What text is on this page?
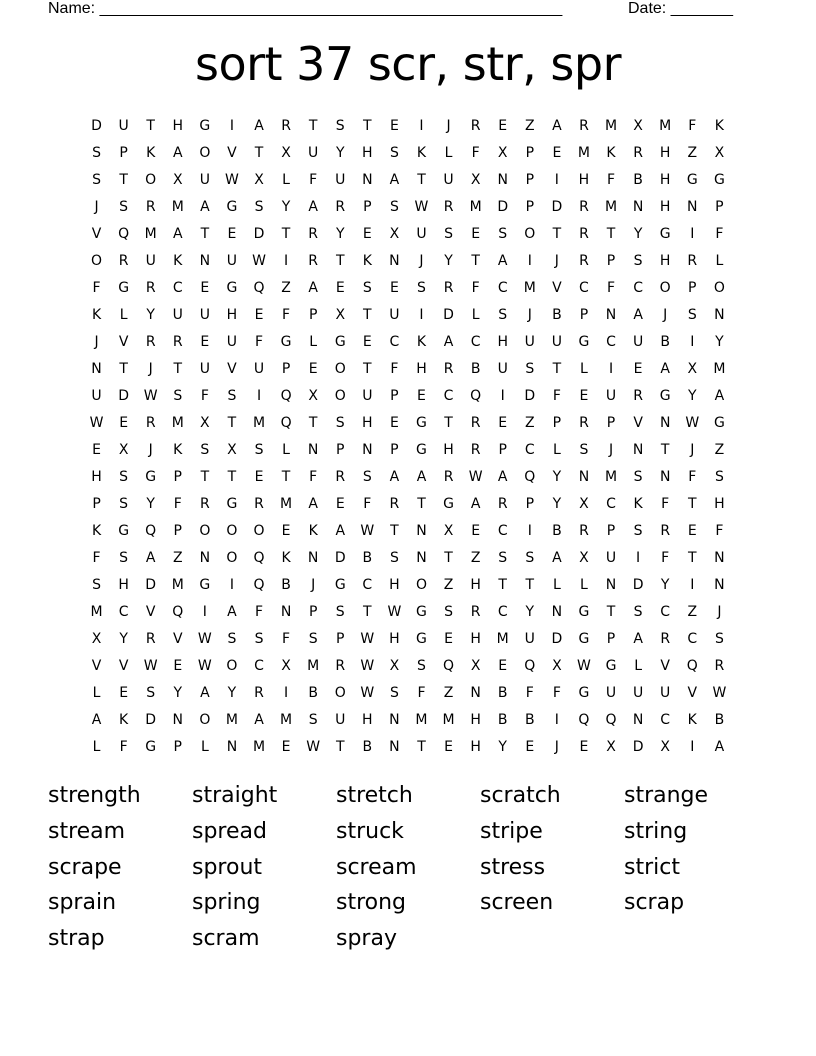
Name: ____________________________________________________	Date: _______
sort 37 scr, str, spr
D	U	T	H	G	I	A	R	T	S	T	E	I	J	R	E	Z	A	R	M	X	M	F	K
S	P	K	A	O	V	T	X	U	Y	H	S	K	L	F	X	P	E	M	K	R	H	Z	X
S	T	O	X	U	W	X	L	F	U	N	A	T	U	X	N	P	I	H	F	B	H	G	G
J	S	R	M	A	G	S	Y	A	R	P	S	W	R	M	D	P	D	R	M	N	H	N	P
V	Q	M	A	T	E	D	T	R	Y	E	X	U	S	E	S	O	T	R	T	Y	G	I	F
O	R	U	K	N	U	W	I	R	T	K	N	J	Y	T	A	I	J	R	P	S	H	R	L
F	G	R	C	E	G	Q	Z	A	E	S	E	S	R	F	C	M	V	C	F	C	O	P	O
K	L	Y	U	U	H	E	F	P	X	T	U	I	D	L	S	J	B	P	N	A	J	S	N
J	V	R	R	E	U	F	G	L	G	E	C	K	A	C	H	U	U	G	C	U	B	I	Y
N	T	J	T	U	V	U	P	E	O	T	F	H	R	B	U	S	T	L	I	E	A	X	M
U	D	W	S	F	S	I	Q	X	O	U	P	E	C	Q	I	D	F	E	U	R	G	Y	A
W	E	R	M	X	T	M	Q	T	S	H	E	G	T	R	E	Z	P	R	P	V	N	W	G
E	X	J	K	S	X	S	L	N	P	N	P	G	H	R	P	C	L	S	J	N	T	J	Z
H	S	G	P	T	T	E	T	F	R	S	A	A	R	W	A	Q	Y	N	M	S	N	F	S
P	S	Y	F	R	G	R	M	A	E	F	R	T	G	A	R	P	Y	X	C	K	F	T	H
K	G	Q	P	O	O	O	E	K	A	W	T	N	X	E	C	I	B	R	P	S	R	E	F
F	S	A	Z	N	O	Q	K	N	D	B	S	N	T	Z	S	S	A	X	U	I	F	T	N
S	H	D	M	G	I	Q	B	J	G	C	H	O	Z	H	T	T	L	L	N	D	Y	I	N
M	C	V	Q	I	A	F	N	P	S	T	W	G	S	R	C	Y	N	G	T	S	C	Z	J
X	Y	R	V	W	S	S	F	S	P	W	H	G	E	H	M	U	D	G	P	A	R	C	S
V	V	W	E	W	O	C	X	M	R	W	X	S	Q	X	E	Q	X	W	G	L	V	Q	R
L	E	S	Y	A	Y	R	I	B	O	W	S	F	Z	N	B	F	F	G	U	U	U	V	W
A	K	D	N	O	M	A	M	S	U	H	N	M	M	H	B	B	I	Q	Q	N	C	K	B
L	F	G	P	L	N	M	E	W	T	B	N	T	E	H	Y	E	J	E	X	D	X	I	A
strength	straight	stretch	scratch	strange
stream	spread	struck	stripe	string
scrape	sprout	scream	stress	strict
sprain	spring	strong	screen	scrap
strap	scram	spray
